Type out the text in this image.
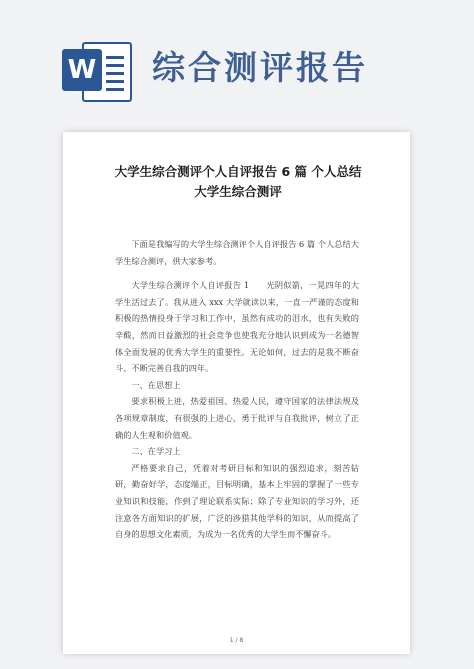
W 综合测评报告

大学生综合测评个人自评报告 6 篇 个人总结大学生综合测评

下面是我编写的大学生综合测评个人自评报告 6 篇 个人总结大学生综合测评，供大家参考。

大学生综合测评个人自评报告 1　　光阴似箭，一晃四年的大学生活过去了。我从进入 xxx 大学就读以来，一直一严谨的态度和积极的热情投身于学习和工作中，虽然有成功的泪水，也有失败的辛酸，然而日益激烈的社会竞争也使我充分地认识到成为一名德智体全面发展的优秀大学生的重要性。无论如何，过去的是我不断奋斗、不断完善自我的四年。

一、在思想上

要求积极上进，热爱祖国、热爱人民，遵守国家的法律法规及各项规章制度，有很强的上进心，勇于批评与自我批评，树立了正确的人生观和价值观。

二、在学习上

严格要求自己，凭着对考研目标和知识的强烈追求，刻苦钻研，勤奋好学，态度端正，目标明确，基本上牢固的掌握了一些专业知识和技能，作到了理论联系实际；除了专业知识的学习外，还注意各方面知识的扩展，广泛的涉猎其他学科的知识，从而提高了自身的思想文化素质，为成为一名优秀的大学生而不懈奋斗。

1 / 8
